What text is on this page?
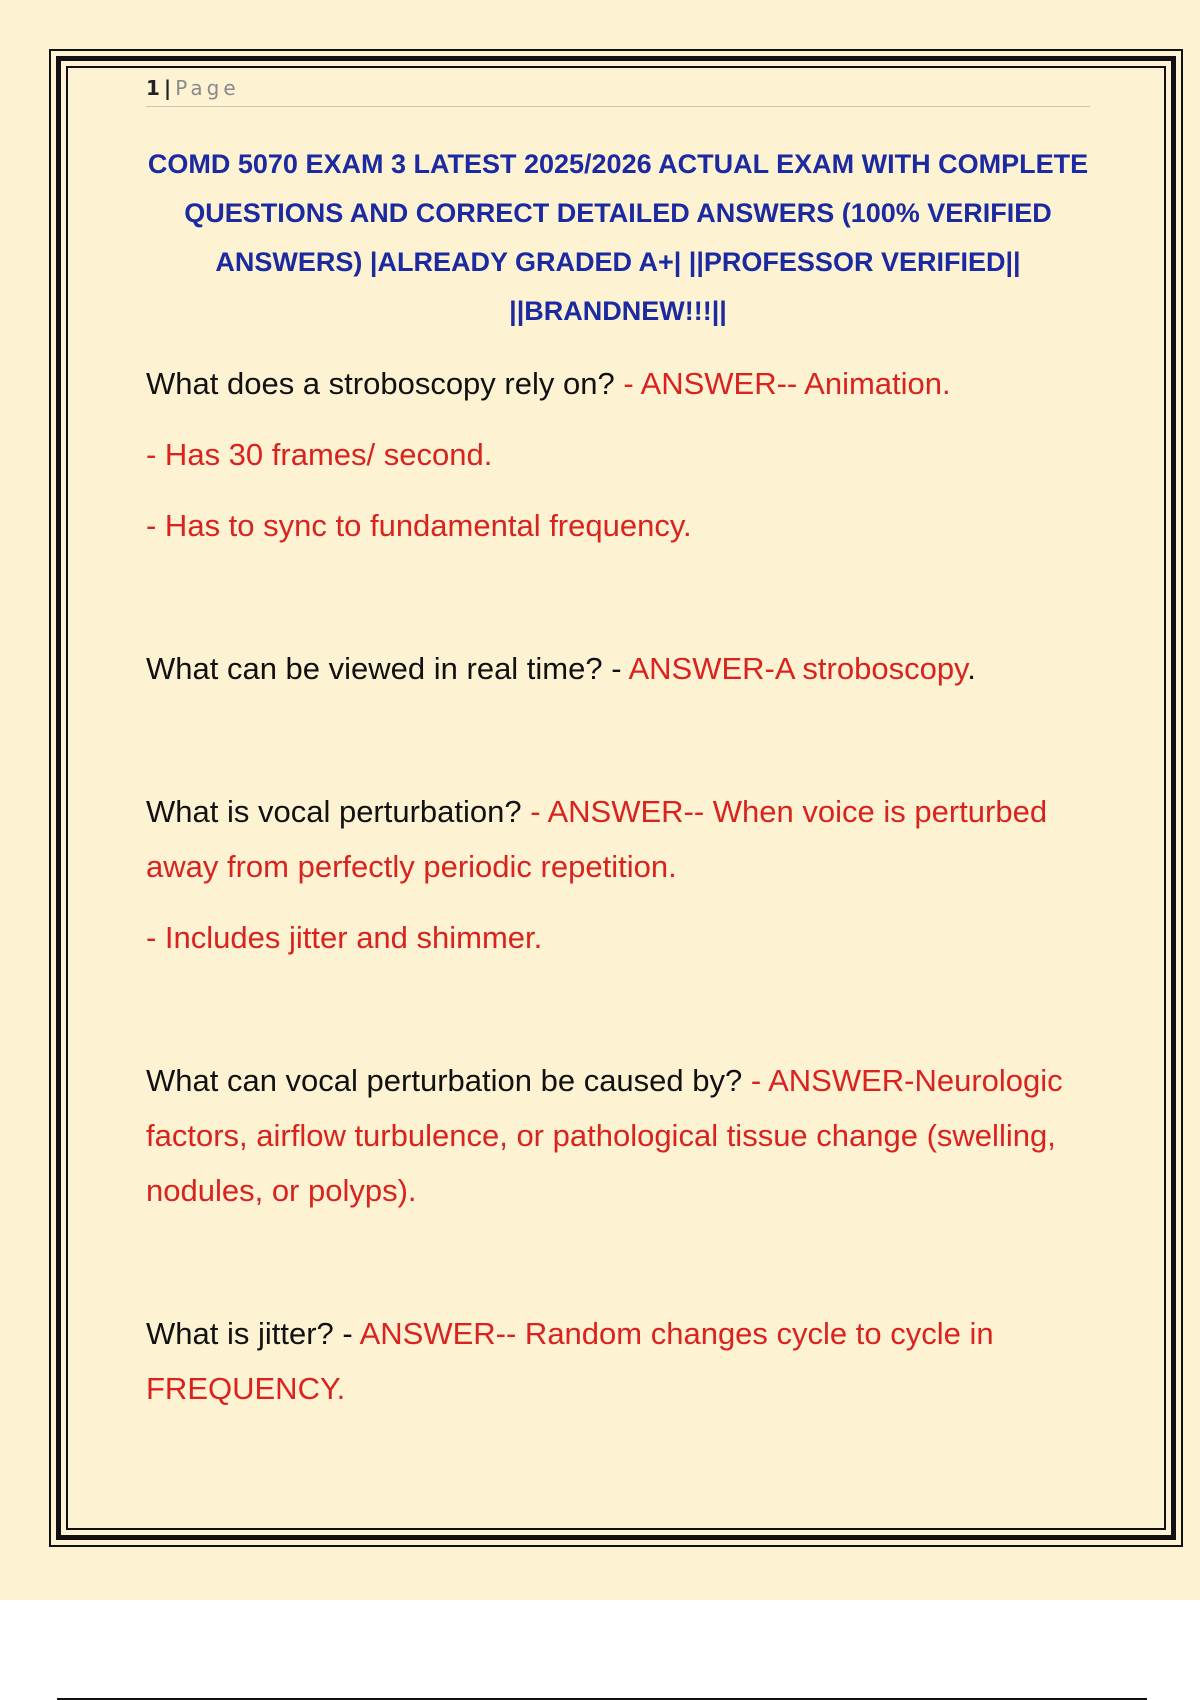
1 | Page
COMD 5070 EXAM 3 LATEST 2025/2026 ACTUAL EXAM WITH COMPLETE QUESTIONS AND CORRECT DETAILED ANSWERS (100% VERIFIED ANSWERS) |ALREADY GRADED A+| ||PROFESSOR VERIFIED|| ||BRANDNEW!!!||
What does a stroboscopy rely on? - ANSWER-- Animation.
- Has 30 frames/ second.
- Has to sync to fundamental frequency.
What can be viewed in real time? - ANSWER-A stroboscopy.
What is vocal perturbation? - ANSWER-- When voice is perturbed away from perfectly periodic repetition.
- Includes jitter and shimmer.
What can vocal perturbation be caused by? - ANSWER-Neurologic factors, airflow turbulence, or pathological tissue change (swelling, nodules, or polyps).
What is jitter? - ANSWER-- Random changes cycle to cycle in FREQUENCY.
